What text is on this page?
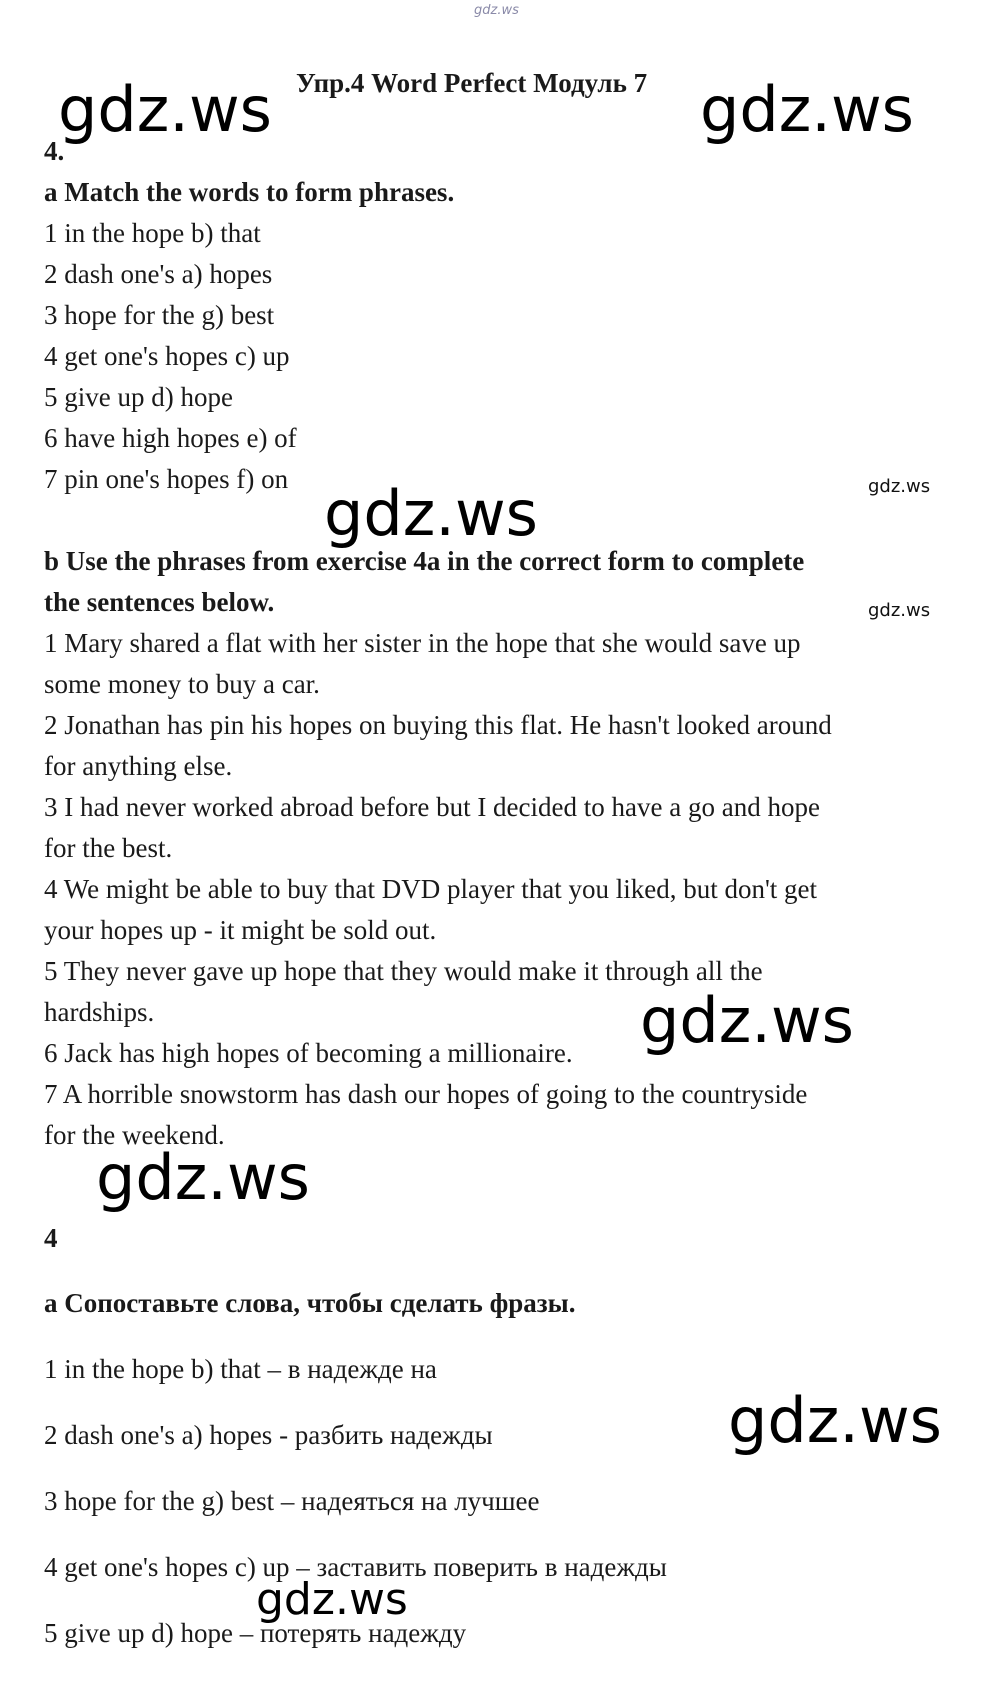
gdz.ws

Упр.4 Word Perfect Модуль 7

gdz.ws	gdz.ws

gdz.ws

gdz.ws

gdz.ws

gdz.ws

gdz.ws

gdz.ws

gdz.ws

4.

a Match the words to form phrases.

1 in the hope b) that

2 dash one's a) hopes

3 hope for the g) best

4 get one's hopes c) up

5 give up d) hope

6 have high hopes e) of

7 pin one's hopes f) on

b Use the phrases from exercise 4a in the correct form to complete

the sentences below.

1 Mary shared a flat with her sister in the hope that she would save up

some money to buy a car.

2 Jonathan has pin his hopes on buying this flat. He hasn't looked around

for anything else.

3 I had never worked abroad before but I decided to have a go and hope

for the best.

4 We might be able to buy that DVD player that you liked, but don't get

your hopes up - it might be sold out.

5 They never gave up hope that they would make it through all the

hardships.

6 Jack has high hopes of becoming a millionaire.

7 A horrible snowstorm has dash our hopes of going to the countryside

for the weekend.

4

a Сопоставьте слова, чтобы сделать фразы.

1 in the hope b) that – в надежде на

2 dash one's a) hopes - разбить надежды

3 hope for the g) best – надеяться на лучшее

4 get one's hopes c) up – заставить поверить в надежды

5 give up d) hope – потерять надежду
